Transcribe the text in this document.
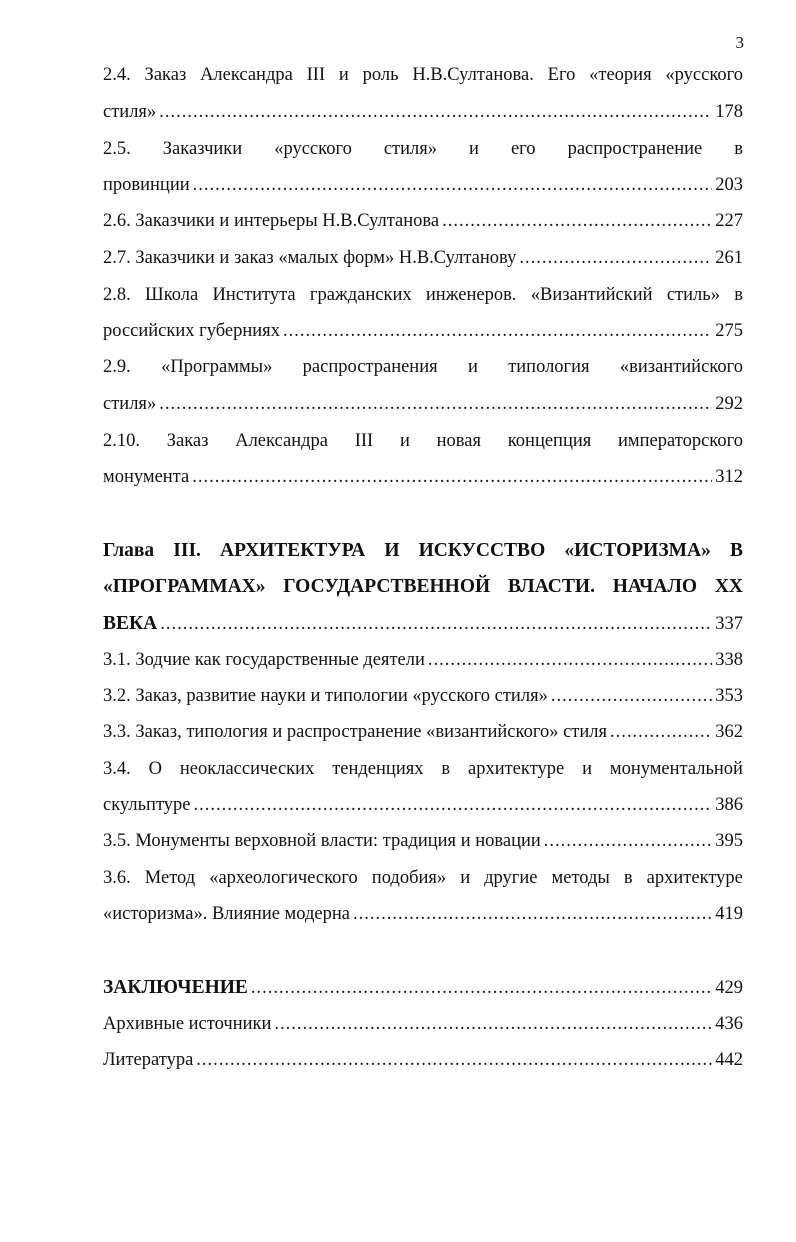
3
2.4. Заказ Александра III и роль Н.В.Султанова. Его «теория «русского
стиля» .....	178
2.5. Заказчики «русского стиля» и его распространение в
провинции .....	203
2.6. Заказчики и интерьеры Н.В.Султанова .....	227
2.7. Заказчики и заказ «малых форм» Н.В.Султанову .....	261
2.8. Школа Института гражданских инженеров. «Византийский стиль» в
российских губерниях .....	275
2.9. «Программы» распространения и типология «византийского
стиля» .....	292
2.10. Заказ Александра III и новая концепция императорского
монумента .....	312
Глава III. АРХИТЕКТУРА И ИСКУССТВО «ИСТОРИЗМА» В
«ПРОГРАММАХ» ГОСУДАРСТВЕННОЙ ВЛАСТИ. НАЧАЛО ХХ
ВЕКА .....	337
3.1. Зодчие как государственные деятели .....	338
3.2. Заказ, развитие науки и типологии «русского стиля» .....	353
3.3. Заказ, типология и распространение «византийского» стиля .....	362
3.4. О неоклассических тенденциях в архитектуре и монументальной
скульптуре .....	386
3.5. Монументы верховной власти: традиция и новации .....	395
3.6. Метод «археологического подобия» и другие методы в архитектуре
«историзма». Влияние модерна .....	419
ЗАКЛЮЧЕНИЕ .....	429
Архивные источники .....	436
Литература .....	442
